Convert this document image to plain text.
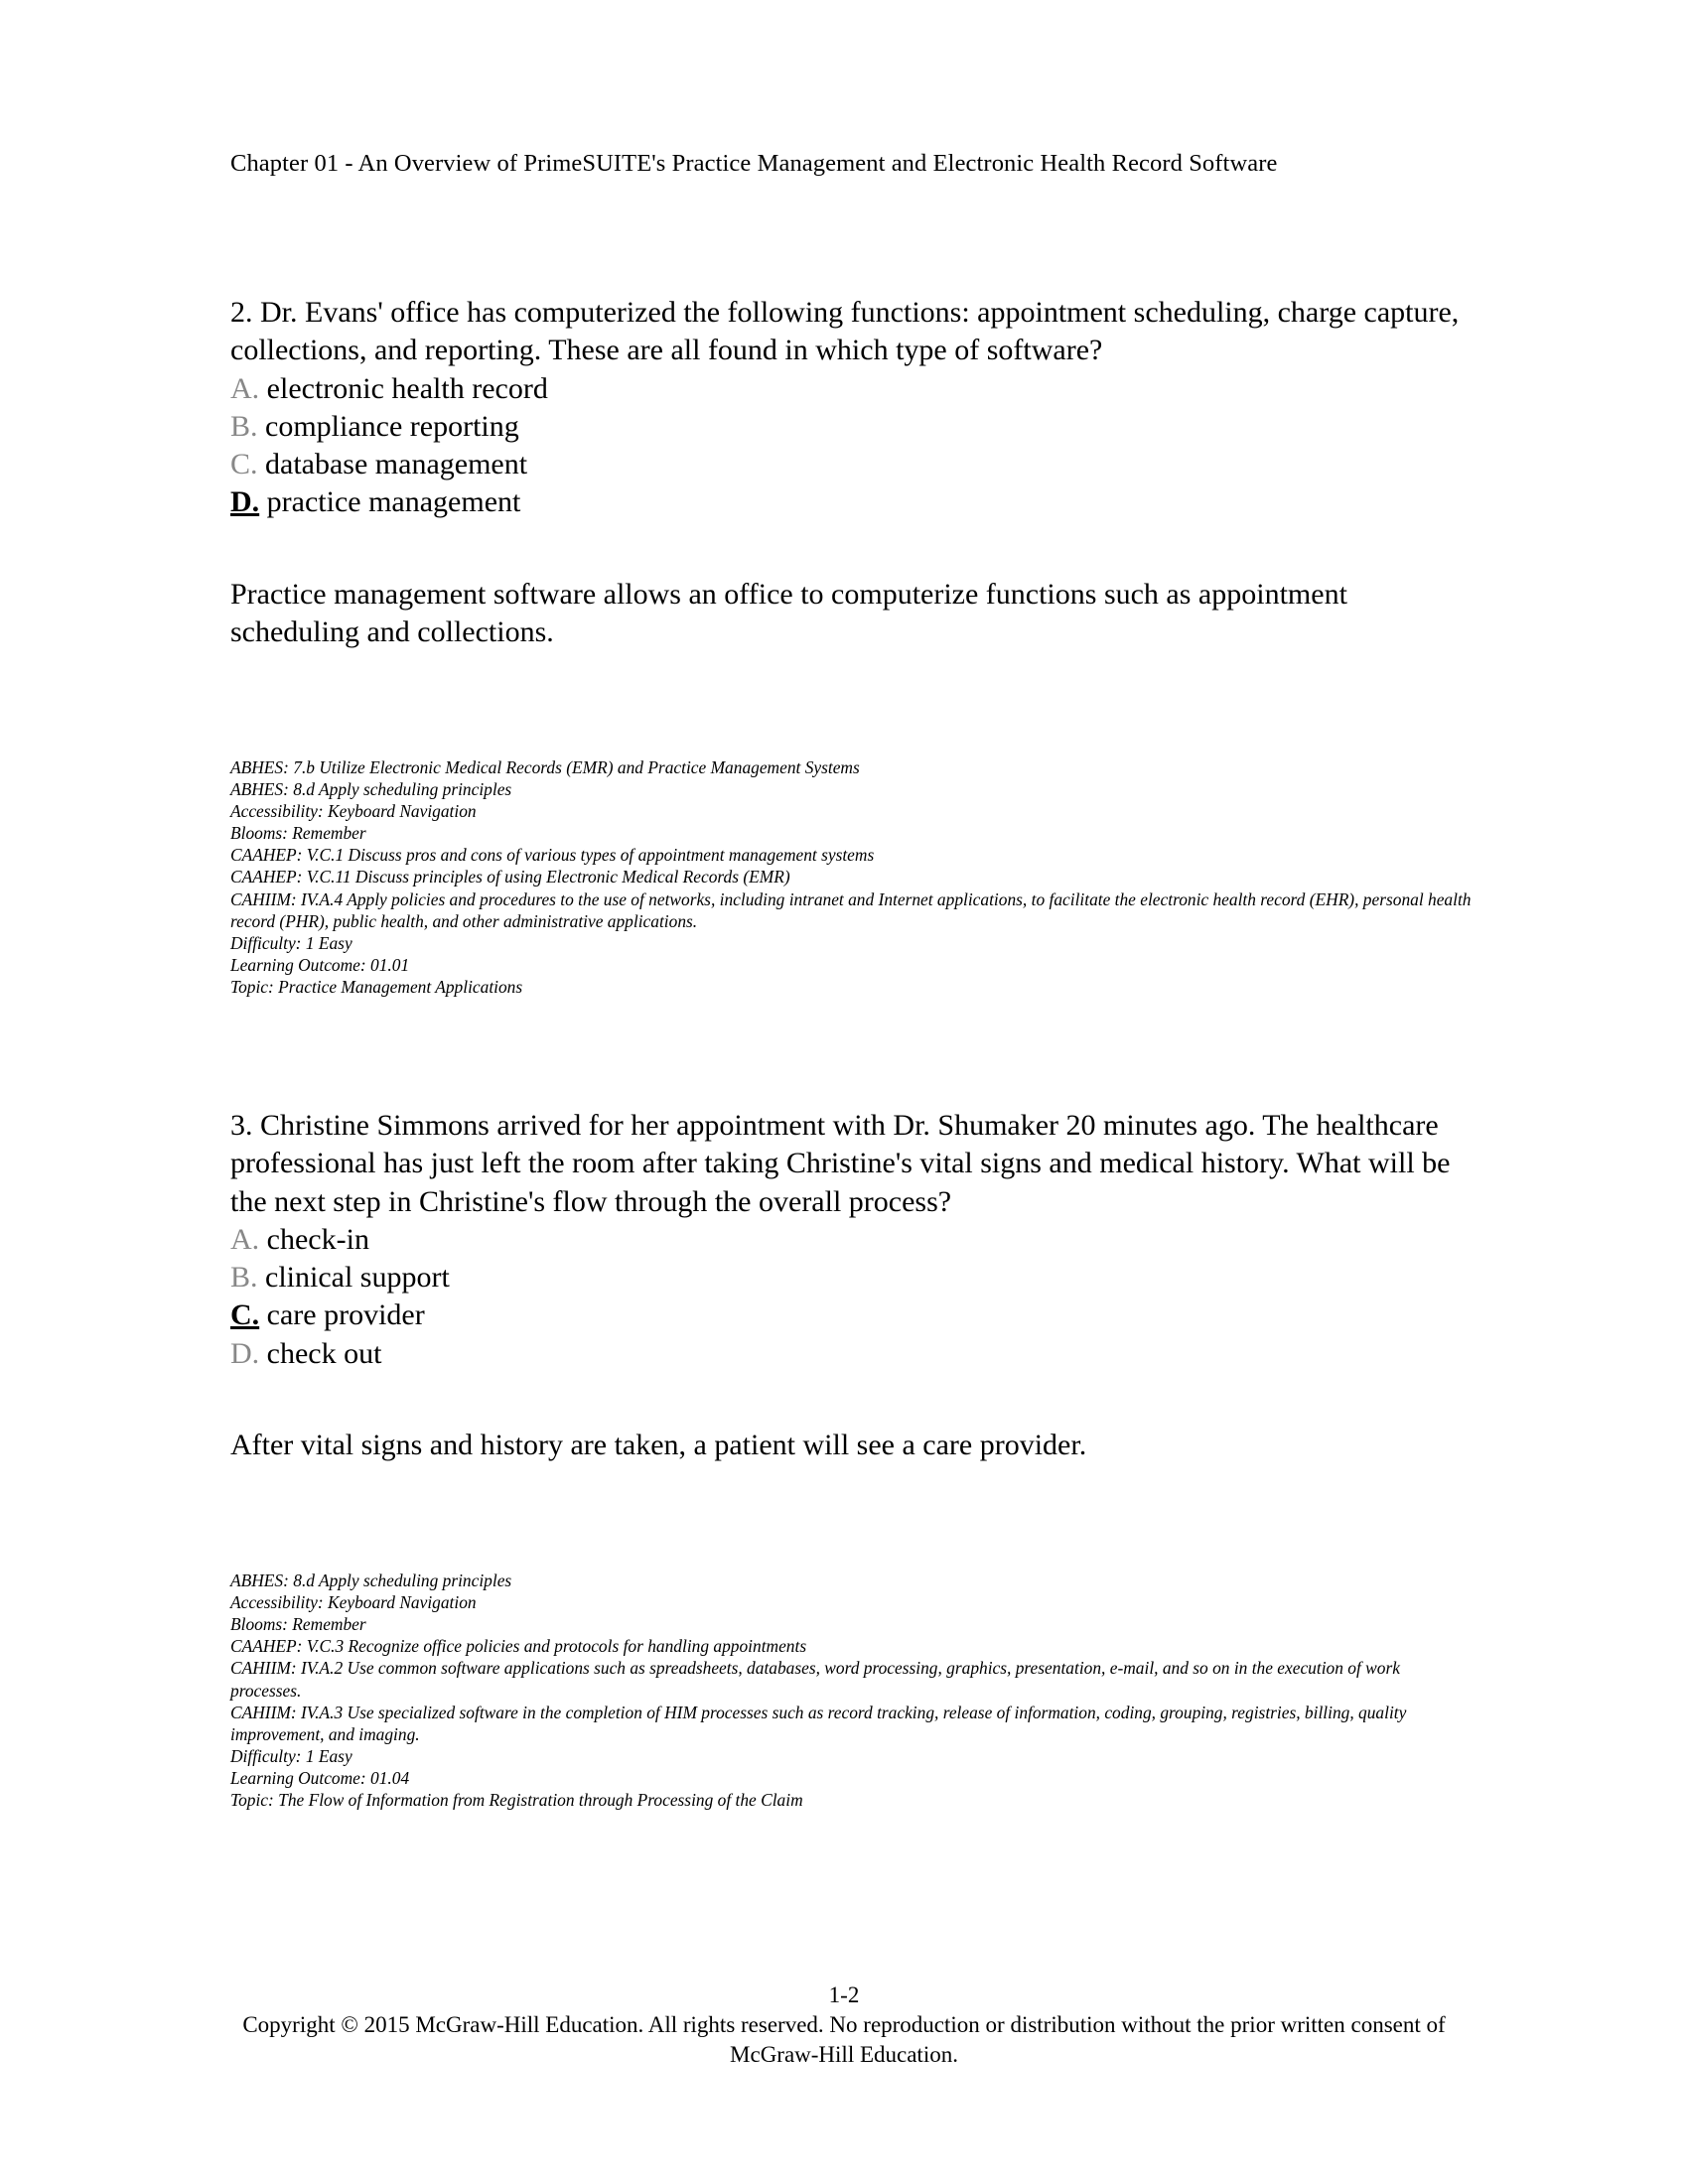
Chapter 01 - An Overview of PrimeSUITE's Practice Management and Electronic Health Record Software

2. Dr. Evans' office has computerized the following functions: appointment scheduling, charge capture, collections, and reporting. These are all found in which type of software?

A. electronic health record
B. compliance reporting
C. database management
D. practice management

Practice management software allows an office to computerize functions such as appointment scheduling and collections.

ABHES: 7.b Utilize Electronic Medical Records (EMR) and Practice Management Systems

ABHES: 8.d Apply scheduling principles

Accessibility: Keyboard Navigation

Blooms: Remember

CAAHEP: V.C.1 Discuss pros and cons of various types of appointment management systems

CAAHEP: V.C.11 Discuss principles of using Electronic Medical Records (EMR)

CAHIIM: IV.A.4 Apply policies and procedures to the use of networks, including intranet and Internet applications, to facilitate the electronic health record (EHR), personal health record (PHR), public health, and other administrative applications.

Difficulty: 1 Easy

Learning Outcome: 01.01

Topic: Practice Management Applications

3. Christine Simmons arrived for her appointment with Dr. Shumaker 20 minutes ago. The healthcare professional has just left the room after taking Christine's vital signs and medical history. What will be the next step in Christine's flow through the overall process?

A. check-in
B. clinical support
C. care provider
D. check out

After vital signs and history are taken, a patient will see a care provider.

ABHES: 8.d Apply scheduling principles

Accessibility: Keyboard Navigation

Blooms: Remember

CAAHEP: V.C.3 Recognize office policies and protocols for handling appointments

CAHIIM: IV.A.2 Use common software applications such as spreadsheets, databases, word processing, graphics, presentation, e-mail, and so on in the execution of work processes.

CAHIIM: IV.A.3 Use specialized software in the completion of HIM processes such as record tracking, release of information, coding, grouping, registries, billing, quality improvement, and imaging.

Difficulty: 1 Easy

Learning Outcome: 01.04

Topic: The Flow of Information from Registration through Processing of the Claim

1-2
Copyright © 2015 McGraw-Hill Education. All rights reserved. No reproduction or distribution without the prior written consent of
McGraw-Hill Education.
